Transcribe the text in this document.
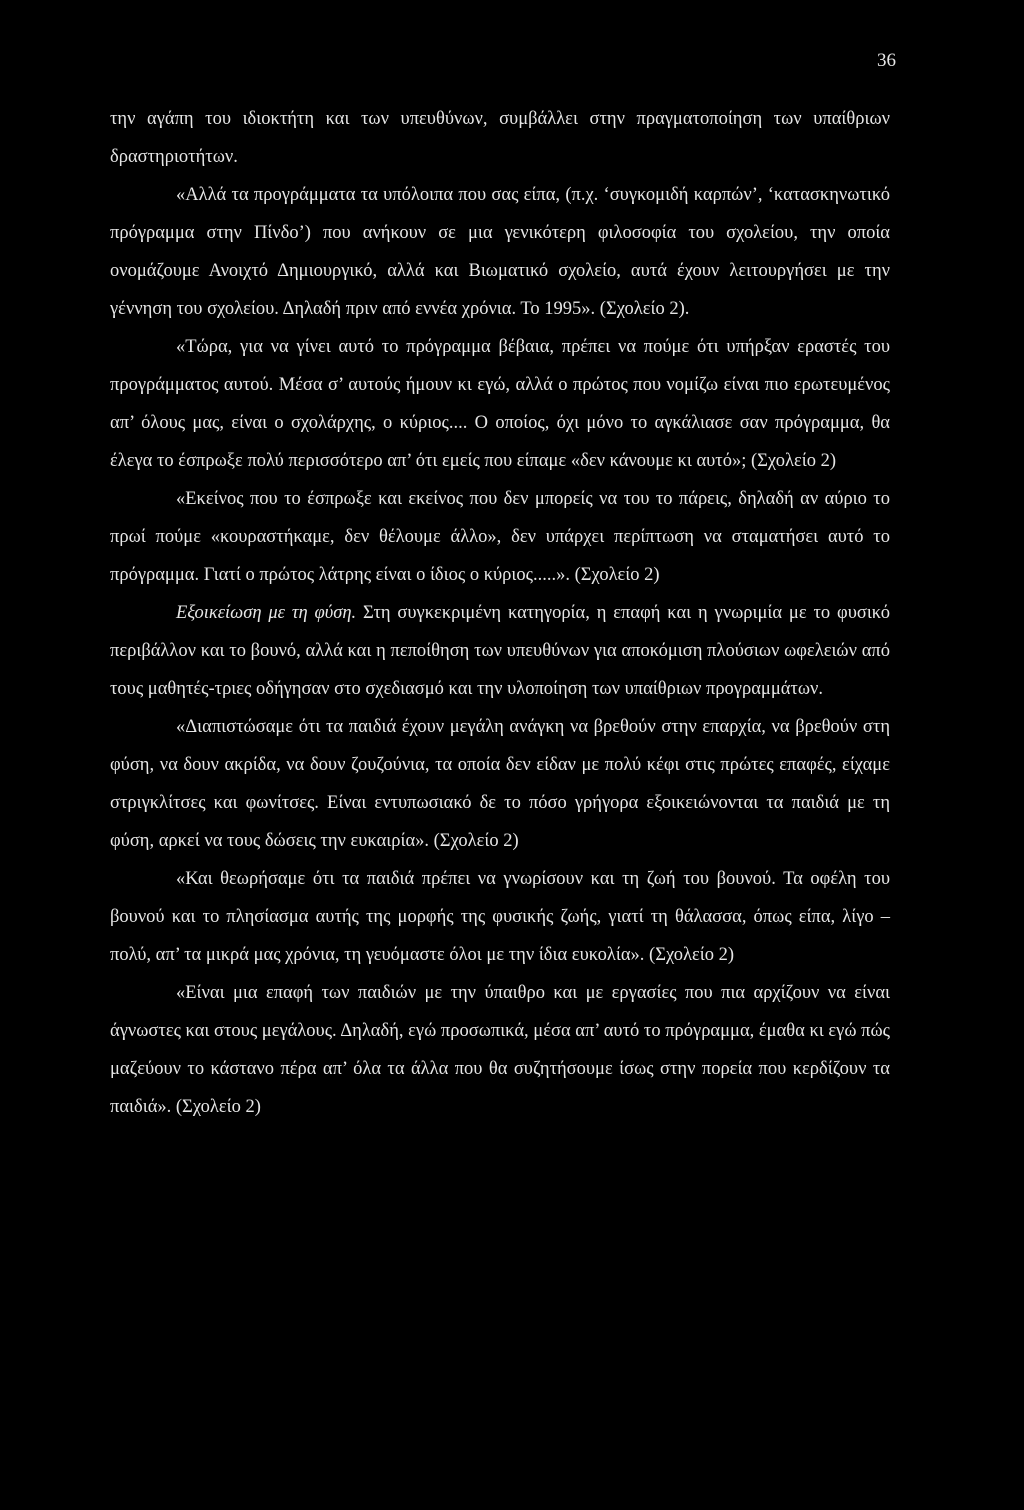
36

την αγάπη του ιδιοκτήτη και των υπευθύνων, συμβάλλει στην πραγματοποίηση των υπαίθριων δραστηριοτήτων.

«Αλλά τα προγράμματα τα υπόλοιπα που σας είπα, (π.χ. ‘συγκομιδή καρπών’, ‘κατασκηνωτικό πρόγραμμα στην Πίνδο’) που ανήκουν σε μια γενικότερη φιλοσοφία του σχολείου, την οποία ονομάζουμε Ανοιχτό Δημιουργικό, αλλά και Βιωματικό σχολείο, αυτά έχουν λειτουργήσει με την γέννηση του σχολείου. Δηλαδή πριν από εννέα χρόνια. Το 1995». (Σχολείο 2).

«Τώρα, για να γίνει αυτό το πρόγραμμα βέβαια, πρέπει να πούμε ότι υπήρξαν εραστές του προγράμματος αυτού. Μέσα σ’ αυτούς ήμουν κι εγώ, αλλά ο πρώτος που νομίζω είναι πιο ερωτευμένος απ’ όλους μας, είναι ο σχολάρχης, ο κύριος.... Ο οποίος, όχι μόνο το αγκάλιασε σαν πρόγραμμα, θα έλεγα το έσπρωξε πολύ περισσότερο απ’ ότι εμείς που είπαμε «δεν κάνουμε κι αυτό»; (Σχολείο 2)

«Εκείνος που το έσπρωξε και εκείνος που δεν μπορείς να του το πάρεις, δηλαδή αν αύριο το πρωί πούμε «κουραστήκαμε, δεν θέλουμε άλλο», δεν υπάρχει περίπτωση να σταματήσει αυτό το πρόγραμμα. Γιατί ο πρώτος λάτρης είναι ο ίδιος ο κύριος.....». (Σχολείο 2)

Εξοικείωση με τη φύση. Στη συγκεκριμένη κατηγορία, η επαφή και η γνωριμία με το φυσικό περιβάλλον και το βουνό, αλλά και η πεποίθηση των υπευθύνων για αποκόμιση πλούσιων ωφελειών από τους μαθητές-τριες οδήγησαν στο σχεδιασμό και την υλοποίηση των υπαίθριων προγραμμάτων.

«Διαπιστώσαμε ότι τα παιδιά έχουν μεγάλη ανάγκη να βρεθούν στην επαρχία, να βρεθούν στη φύση, να δουν ακρίδα, να δουν ζουζούνια, τα οποία δεν είδαν με πολύ κέφι στις πρώτες επαφές, είχαμε στριγκλίτσες και φωνίτσες. Είναι εντυπωσιακό δε το πόσο γρήγορα εξοικειώνονται τα παιδιά με τη φύση, αρκεί να τους δώσεις την ευκαιρία». (Σχολείο 2)

«Και θεωρήσαμε ότι τα παιδιά πρέπει να γνωρίσουν και τη ζωή του βουνού. Τα οφέλη του βουνού και το πλησίασμα αυτής της μορφής της φυσικής ζωής, γιατί τη θάλασσα, όπως είπα, λίγο – πολύ, απ’ τα μικρά μας χρόνια, τη γευόμαστε όλοι με την ίδια ευκολία». (Σχολείο 2)

«Είναι μια επαφή των παιδιών με την ύπαιθρο και με εργασίες που πια αρχίζουν να είναι άγνωστες και στους μεγάλους. Δηλαδή, εγώ προσωπικά, μέσα απ’ αυτό το πρόγραμμα, έμαθα κι εγώ πώς μαζεύουν το κάστανο πέρα απ’ όλα τα άλλα που θα συζητήσουμε ίσως στην πορεία που κερδίζουν τα παιδιά». (Σχολείο 2)
